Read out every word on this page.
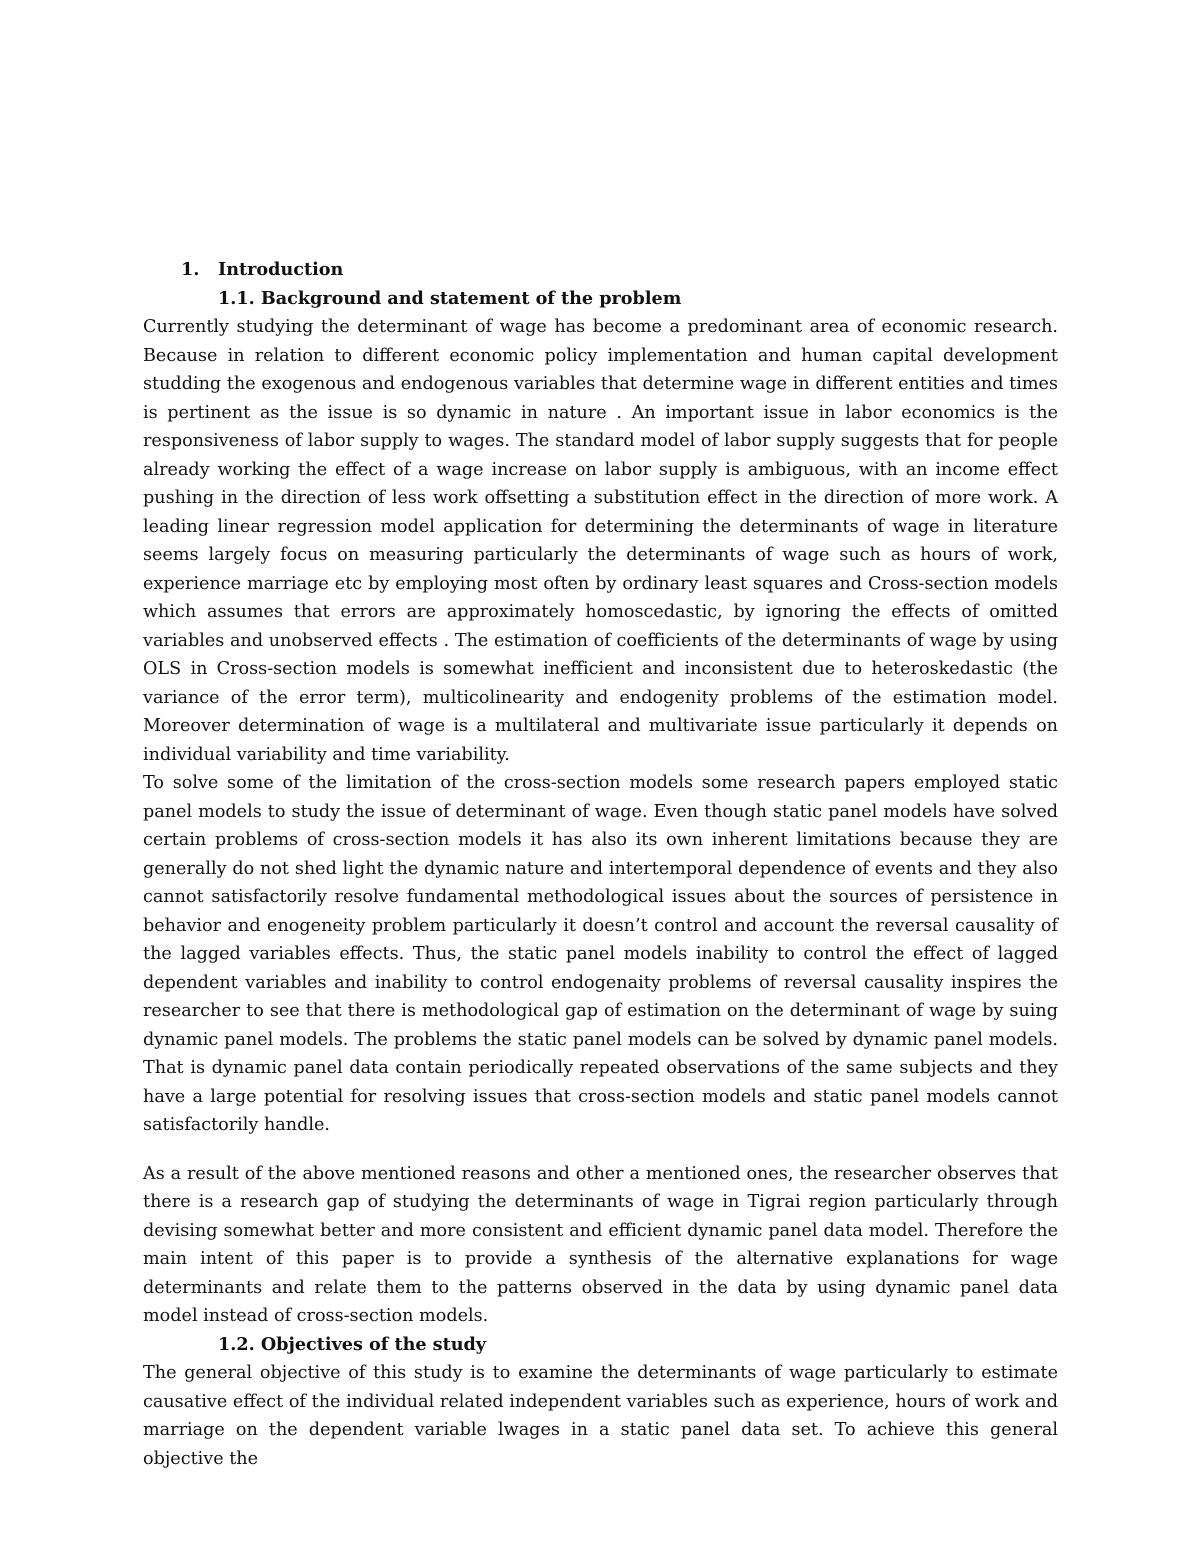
1. Introduction
1.1. Background and statement of the problem

Currently studying the determinant of wage has become a predominant area of economic research. Because in relation to different economic policy implementation and human capital development studding the exogenous and endogenous variables that determine wage in different entities and times is pertinent as the issue is so dynamic in nature . An important issue in labor economics is the responsiveness of labor supply to wages. The standard model of labor supply suggests that for people already working the effect of a wage increase on labor supply is ambiguous, with an income effect pushing in the direction of less work offsetting a substitution effect in the direction of more work. A leading linear regression model application for determining the determinants of wage in literature seems largely focus on measuring particularly the determinants of wage such as hours of work, experience marriage etc by employing most often by ordinary least squares and Cross-section models which assumes that errors are approximately homoscedastic, by ignoring the effects of omitted variables and unobserved effects . The estimation of coefficients of the determinants of wage by using OLS in Cross-section models is somewhat inefficient and inconsistent due to heteroskedastic (the variance of the error term), multicolinearity and endogenity problems of the estimation model. Moreover determination of wage is a multilateral and multivariate issue particularly it depends on individual variability and time variability.

To solve some of the limitation of the cross-section models some research papers employed static panel models to study the issue of determinant of wage. Even though static panel models have solved certain problems of cross-section models it has also its own inherent limitations because they are generally do not shed light the dynamic nature and intertemporal dependence of events and they also cannot satisfactorily resolve fundamental methodological issues about the sources of persistence in behavior and enogeneity problem particularly it doesn’t control and account the reversal causality of the lagged variables effects. Thus, the static panel models inability to control the effect of lagged dependent variables and inability to control endogenaity problems of reversal causality inspires the researcher to see that there is methodological gap of estimation on the determinant of wage by suing dynamic panel models. The problems the static panel models can be solved by dynamic panel models. That is dynamic panel data contain periodically repeated observations of the same subjects and they have a large potential for resolving issues that cross-section models and static panel models cannot satisfactorily handle.

As a result of the above mentioned reasons and other a mentioned ones, the researcher observes that there is a research gap of studying the determinants of wage in Tigrai region particularly through devising somewhat better and more consistent and efficient dynamic panel data model. Therefore the main intent of this paper is to provide a synthesis of the alternative explanations for wage determinants and relate them to the patterns observed in the data by using dynamic panel data model instead of cross-section models.

1.2. Objectives of the study

The general objective of this study is to examine the determinants of wage particularly to estimate causative effect of the individual related independent variables such as experience, hours of work and marriage on the dependent variable lwages in a static panel data set. To achieve this general objective the
